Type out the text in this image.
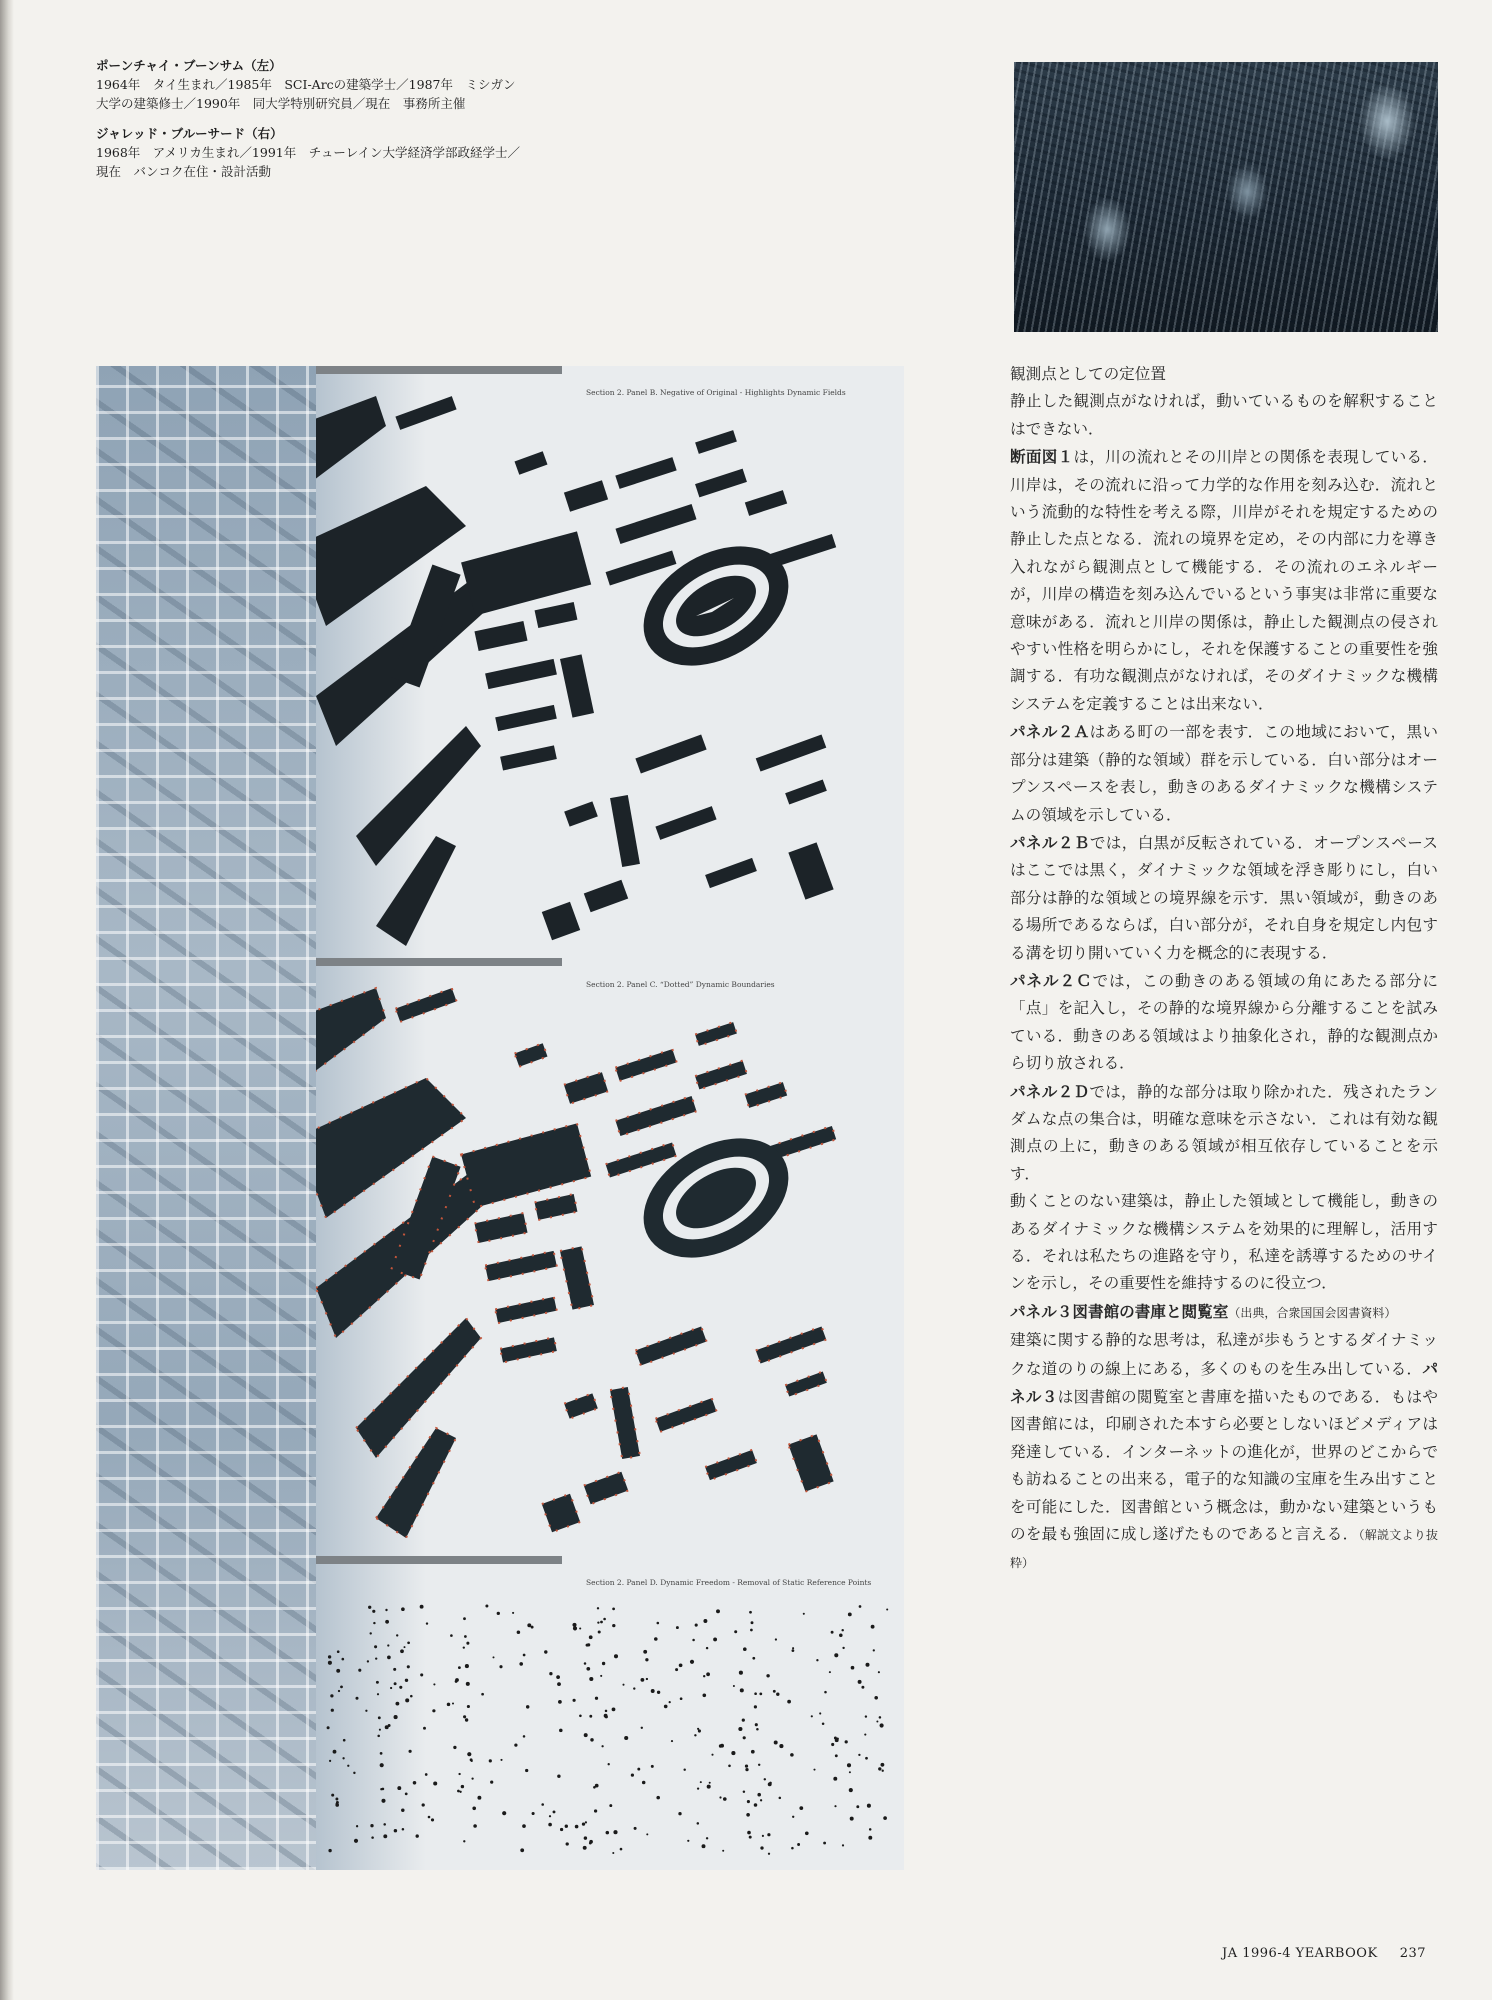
ポーンチャイ・ブーンサム（左）
1964年　タイ生まれ／1985年　SCI-Arcの建築学士／1987年　ミシガン大学の建築修士／1990年　同大学特別研究員／現在　事務所主催
ジャレッド・ブルーサード（右）
1968年　アメリカ生まれ／1991年　チューレイン大学経済学部政経学士／現在　バンコク在住・設計活動
Section 2. Panel B. Negative of Original - Highlights Dynamic Fields
Section 2. Panel C. “Dotted” Dynamic Boundaries
Section 2. Panel D. Dynamic Freedom - Removal of Static Reference Points

観測点としての定位置

静止した観測点がなければ，動いているものを解釈することはできない．

断面図１は，川の流れとその川岸との関係を表現している．川岸は，その流れに沿って力学的な作用を刻み込む．流れという流動的な特性を考える際，川岸がそれを規定するための静止した点となる．流れの境界を定め，その内部に力を導き入れながら観測点として機能する．その流れのエネルギーが，川岸の構造を刻み込んでいるという事実は非常に重要な意味がある．流れと川岸の関係は，静止した観測点の侵されやすい性格を明らかにし，それを保護することの重要性を強調する．有功な観測点がなければ，そのダイナミックな機構システムを定義することは出来ない．

パネル２Ａはある町の一部を表す．この地域において，黒い部分は建築（静的な領域）群を示している．白い部分はオープンスペースを表し，動きのあるダイナミックな機構システムの領域を示している．

パネル２Ｂでは，白黒が反転されている．オープンスペースはここでは黒く，ダイナミックな領域を浮き彫りにし，白い部分は静的な領域との境界線を示す．黒い領域が，動きのある場所であるならば，白い部分が，それ自身を規定し内包する溝を切り開いていく力を概念的に表現する．

パネル２Ｃでは，この動きのある領域の角にあたる部分に「点」を記入し，その静的な境界線から分離することを試みている．動きのある領域はより抽象化され，静的な観測点から切り放される．

パネル２Ｄでは，静的な部分は取り除かれた．残されたランダムな点の集合は，明確な意味を示さない．これは有効な観測点の上に，動きのある領域が相互依存していることを示す．

動くことのない建築は，静止した領域として機能し，動きのあるダイナミックな機構システムを効果的に理解し，活用する．それは私たちの進路を守り，私達を誘導するためのサインを示し，その重要性を維持するのに役立つ．

パネル３図書館の書庫と閲覧室（出典，合衆国国会図書資料）

建築に関する静的な思考は，私達が歩もうとするダイナミックな道のりの線上にある，多くのものを生み出している．パネル３は図書館の閲覧室と書庫を描いたものである．もはや図書館には，印刷された本すら必要としないほどメディアは発達している．インターネットの進化が，世界のどこからでも訪ねることの出来る，電子的な知識の宝庫を生み出すことを可能にした．図書館という概念は，動かない建築というものを最も強固に成し遂げたものであると言える．（解説文より抜粋）

JA 1996-4 YEARBOOK 237
